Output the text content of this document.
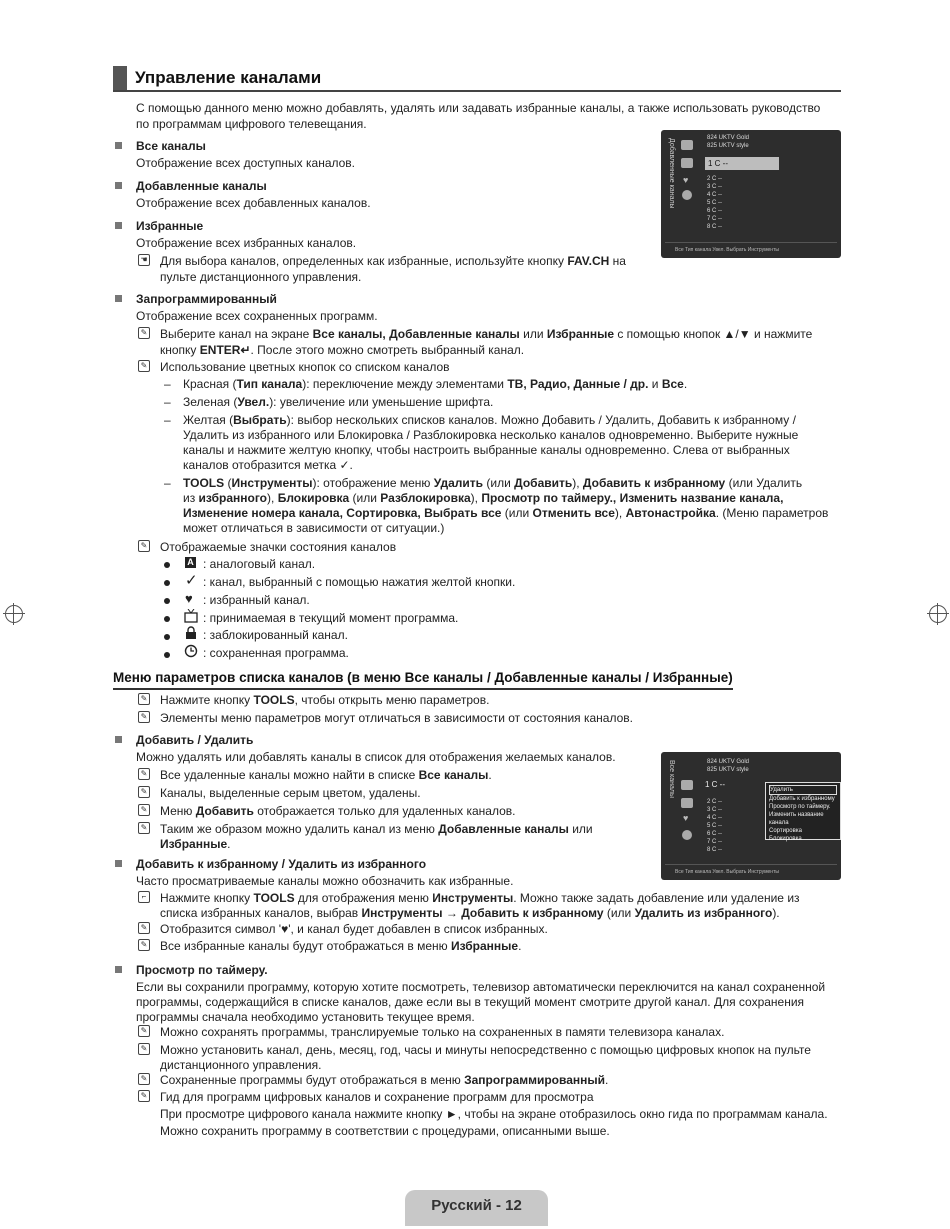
Управление каналами
С помощью данного меню можно добавлять, удалять или задавать избранные каналы, а также использовать руководство
по программам цифрового телевещания.
Все каналы
Отображение всех доступных каналов.
Добавленные каналы
Отображение всех добавленных каналов.
Избранные
Отображение всех избранных каналов.
☚ Для выбора каналов, определенных как избранные, используйте кнопку FAV.CH на
пульте дистанционного управления.
Запрограммированный
Отображение всех сохраненных программ.
✎ Выберите канал на экране Все каналы, Добавленные каналы или Избранные с помощью кнопок ▲/▼ и нажмите
кнопку ENTER↵. После этого можно смотреть выбранный канал.
✎ Использование цветных кнопок со списком каналов
– Красная (Тип канала): переключение между элементами ТВ, Радио, Данные / др. и Все.
– Зеленая (Увел.): увеличение или уменьшение шрифта.
– Желтая (Выбрать): выбор нескольких списков каналов. Можно Добавить / Удалить, Добавить к избранному /
Удалить из избранного или Блокировка / Разблокировка несколько каналов одновременно. Выберите нужные
каналы и нажмите желтую кнопку, чтобы настроить выбранные каналы одновременно. Слева от выбранных
каналов отобразится метка ✓.
– TOOLS (Инструменты): отображение меню Удалить (или Добавить), Добавить к избранному (или Удалить
из избранного), Блокировка (или Разблокировка), Просмотр по таймеру., Изменить название канала,
Изменение номера канала, Сортировка, Выбрать все (или Отменить все), Автонастройка. (Меню параметров
может отличаться в зависимости от ситуации.)
✎ Отображаемые значки состояния каналов
A : аналоговый канал.
✓ : канал, выбранный с помощью нажатия желтой кнопки.
♥ : избранный канал.
: принимаемая в текущий момент программа.
: заблокированный канал.
: сохраненная программа.
Добавленные каналы ♥
824 UKTV Gold
825 UKTV style
1 C --
2 C --
3 C --
4 C --
5 C --
6 C --
7 C --
8 C --
Все Тип канала Увел. Выбрать Инструменты
Меню параметров списка каналов (в меню Все каналы / Добавленные каналы / Избранные)
✎ Нажмите кнопку TOOLS, чтобы открыть меню параметров.
✎ Элементы меню параметров могут отличаться в зависимости от состояния каналов.
Добавить / Удалить
Можно удалять или добавлять каналы в список для отображения желаемых каналов.
✎ Все удаленные каналы можно найти в списке Все каналы.
✎ Каналы, выделенные серым цветом, удалены.
✎ Меню Добавить отображается только для удаленных каналов.
✎ Таким же образом можно удалить канал из меню Добавленные каналы или
Избранные.
Добавить к избранному / Удалить из избранного
Часто просматриваемые каналы можно обозначить как избранные.
⌐	Нажмите кнопку TOOLS для отображения меню Инструменты. Можно также задать добавление или удаление из
списка избранных каналов, выбрав Инструменты → Добавить к избранному (или Удалить из избранного).
✎ Отобразится символ '♥', и канал будет добавлен в список избранных.
✎ Все избранные каналы будут отображаться в меню Избранные.
Просмотр по таймеру.
Если вы сохранили программу, которую хотите посмотреть, телевизор автоматически переключится на канал сохраненной
программы, содержащийся в списке каналов, даже если вы в текущий момент смотрите другой канал. Для сохранения
программы сначала необходимо установить текущее время.
✎ Можно сохранять программы, транслируемые только на сохраненных в памяти телевизора каналах.
✎ Можно установить канал, день, месяц, год, часы и минуты непосредственно с помощью цифровых кнопок на пульте
дистанционного управления.
✎ Сохраненные программы будут отображаться в меню Запрограммированный.
✎ Гид для программ цифровых каналов и сохранение программ для просмотра
При просмотре цифрового канала нажмите кнопку ►, чтобы на экране отобразилось окно гида по программам канала.
Можно сохранить программу в соответствии с процедурами, описанными выше.
Все каналы
♥
824 UKTV Gold
825 UKTV style
1 C --
2 C --
3 C --
4 C --
5 C --
6 C --
7 C --
8 C --
Удалить
Добавить к избранному
Просмотр по таймеру.
Изменить название канала
Сортировка
Блокировка
Все Тип канала Увел. Выбрать Инструменты
Русский - 12
